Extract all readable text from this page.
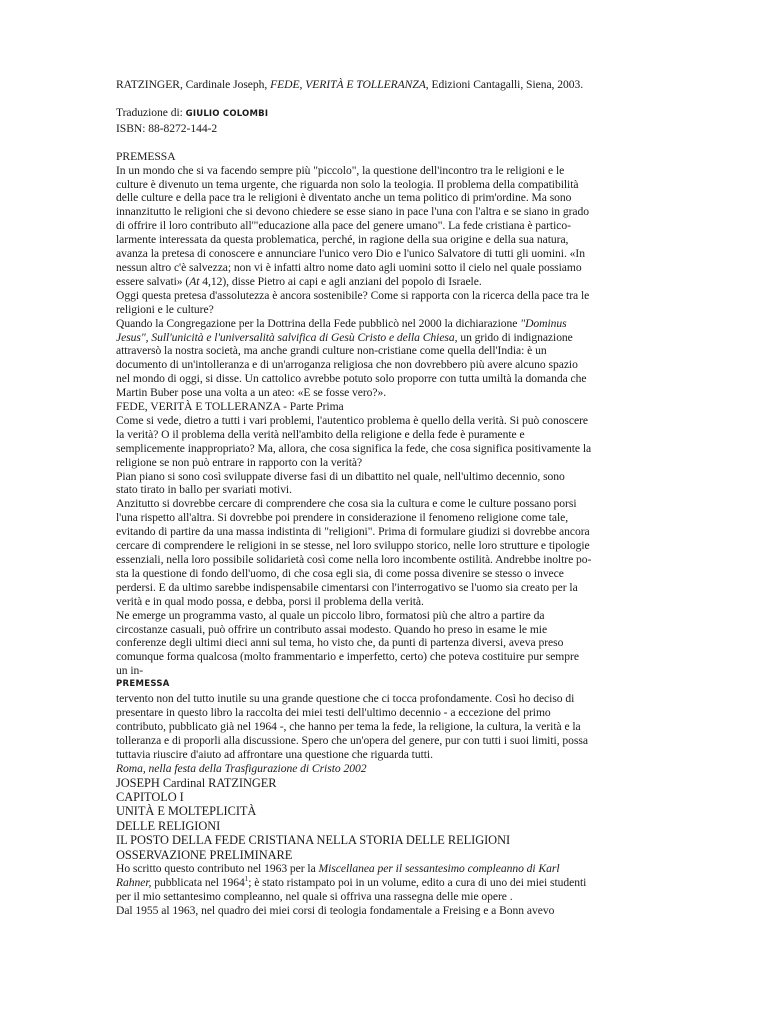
RATZINGER, Cardinale Joseph, FEDE, VERITÀ E TOLLERANZA, Edizioni Cantagalli, Siena, 2003.

Traduzione di: GIULIO COLOMBI

ISBN: 88-8272-144-2

PREMESSA

In un mondo che si va facendo sempre più "piccolo", la questione dell'incontro tra le religioni e le

culture è divenuto un tema urgente, che riguarda non solo la teologia. Il problema della compatibilità

delle culture e della pace tra le religioni è diventato anche un tema politico di prim'ordine. Ma sono

innanzitutto le religioni che si devono chiedere se esse siano in pace l'una con l'altra e se siano in grado

di offrire il loro contributo all'"educazione alla pace del genere umano". La fede cristiana è partico-

larmente interessata da questa problematica, perché, in ragione della sua origine e della sua natura,

avanza la pretesa di conoscere e annunciare l'unico vero Dio e l'unico Salvatore di tutti gli uomini. «In

nessun altro c'è salvezza; non vi è infatti altro nome dato agli uomini sotto il cielo nel quale possiamo

essere salvati» (At 4,12), disse Pietro ai capi e agli anziani del popolo di Israele.

Oggi questa pretesa d'assolutezza è ancora sostenibile? Come si rapporta con la ricerca della pace tra le

religioni e le culture?

Quando la Congregazione per la Dottrina della Fede pubblicò nel 2000 la dichiarazione "Dominus

Jesus", Sull'unicità e l'universalità salvifica di Gesù Cristo e della Chiesa, un grido di indignazione

attraversò la nostra società, ma anche grandi culture non-cristiane come quella dell'India: è un

documento di un'intolleranza e di un'arroganza religiosa che non dovrebbero più avere alcuno spazio

nel mondo di oggi, si disse. Un cattolico avrebbe potuto solo proporre con tutta umiltà la domanda che

Martin Buber pose una volta a un ateo: «E se fosse vero?».

FEDE, VERITÀ E TOLLERANZA - Parte Prima

Come si vede, dietro a tutti i vari problemi, l'autentico problema è quello della verità. Si può conoscere

la verità? O il problema della verità nell'ambito della religione e della fede è puramente e

semplicemente inappropriato? Ma, allora, che cosa significa la fede, che cosa significa positivamente la

religione se non può entrare in rapporto con la verità?

Pian piano si sono così sviluppate diverse fasi di un dibattito nel quale, nell'ultimo decennio, sono

stato tirato in ballo per svariati motivi.

Anzitutto si dovrebbe cercare di comprendere che cosa sia la cultura e come le culture possano porsi

l'una rispetto all'altra. Si dovrebbe poi prendere in considerazione il fenomeno religione come tale,

evitando di partire da una massa indistinta di "religioni". Prima di formulare giudizi si dovrebbe ancora

cercare di comprendere le religioni in se stesse, nel loro sviluppo storico, nelle loro strutture e tipologie

essenziali, nella loro possibile solidarietà così come nella loro incombente ostilità. Andrebbe inoltre po-

sta la questione di fondo dell'uomo, di che cosa egli sia, di come possa divenire se stesso o invece

perdersi. E da ultimo sarebbe indispensabile cimentarsi con l'interrogativo se l'uomo sia creato per la

verità e in qual modo possa, e debba, porsi il problema della verità.

Ne emerge un programma vasto, al quale un piccolo libro, formatosi più che altro a partire da

circostanze casuali, può offrire un contributo assai modesto. Quando ho preso in esame le mie

conferenze degli ultimi dieci anni sul tema, ho visto che, da punti di partenza diversi, aveva preso

comunque forma qualcosa (molto frammentario e imperfetto, certo) che poteva costituire pur sempre

un in-

PREMESSA

tervento non del tutto inutile su una grande questione che ci tocca profondamente. Così ho deciso di

presentare in questo libro la raccolta dei miei testi dell'ultimo decennio - a eccezione del primo

contributo, pubblicato già nel 1964 -, che hanno per tema la fede, la religione, la cultura, la verità e la

tolleranza e di proporli alla discussione. Spero che un'opera del genere, pur con tutti i suoi limiti, possa

tuttavia riuscire d'aiuto ad affrontare una questione che riguarda tutti.

Roma, nella festa della Trasfigurazione di Cristo 2002

JOSEPH Cardinal RATZINGER

CAPITOLO I

UNITÀ E MOLTEPLICITÀ

DELLE RELIGIONI

IL POSTO DELLA FEDE CRISTIANA NELLA STORIA DELLE RELIGIONI

OSSERVAZIONE PRELIMINARE

Ho scritto questo contributo nel 1963 per la Miscellanea per il sessantesimo compleanno di Karl

Rahner, pubblicata nel 1964$^1$; è stato ristampato poi in un volume, edito a cura di uno dei miei studenti

per il mio settantesimo compleanno, nel quale si offriva una rassegna delle mie opere .

Dal 1955 al 1963, nel quadro dei miei corsi di teologia fondamentale a Freising e a Bonn avevo
